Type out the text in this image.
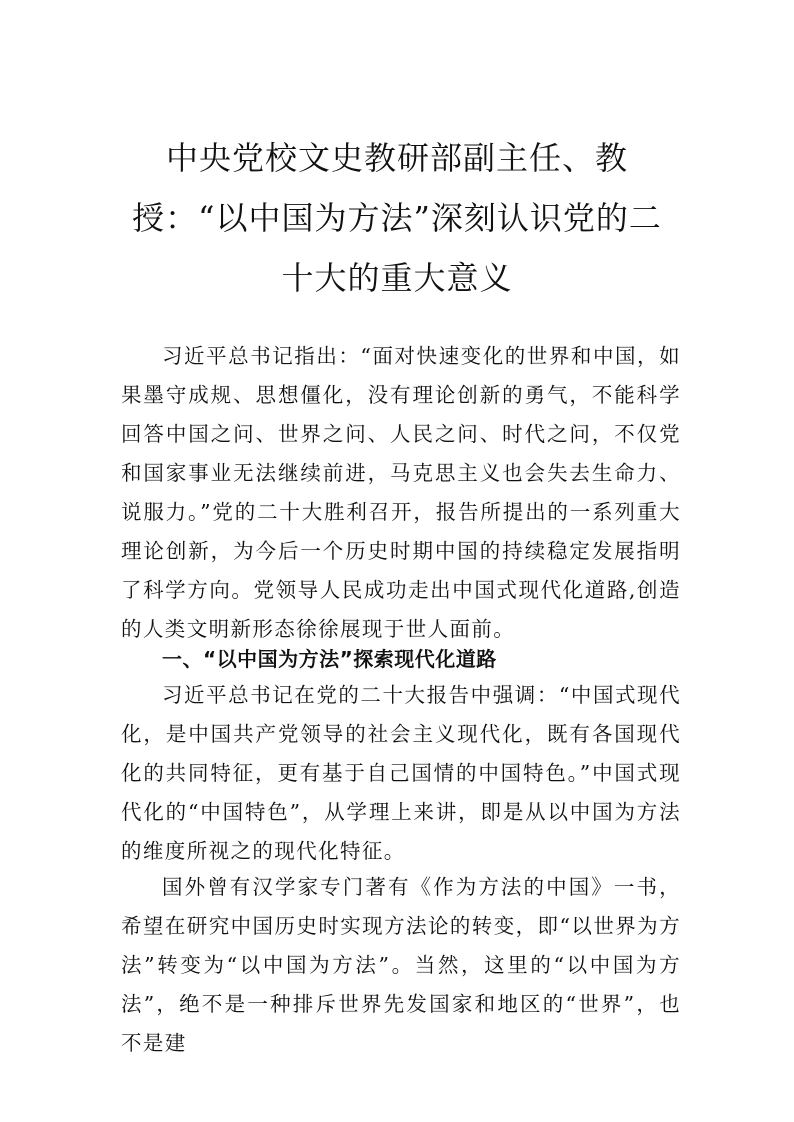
中央党校文史教研部副主任、教授：“以中国为方法”深刻认识党的二十大的重大意义

习近平总书记指出：“面对快速变化的世界和中国，如果墨守成规、思想僵化，没有理论创新的勇气，不能科学回答中国之问、世界之问、人民之问、时代之问，不仅党和国家事业无法继续前进，马克思主义也会失去生命力、说服力。”党的二十大胜利召开，报告所提出的一系列重大理论创新，为今后一个历史时期中国的持续稳定发展指明了科学方向。党领导人民成功走出中国式现代化道路,创造的人类文明新形态徐徐展现于世人面前。

一、“以中国为方法”探索现代化道路

习近平总书记在党的二十大报告中强调：“中国式现代化，是中国共产党领导的社会主义现代化，既有各国现代化的共同特征，更有基于自己国情的中国特色。”中国式现代化的“中国特色”，从学理上来讲，即是从以中国为方法的维度所视之的现代化特征。

国外曾有汉学家专门著有《作为方法的中国》一书，希望在研究中国历史时实现方法论的转变，即“以世界为方法”转变为“以中国为方法”。当然，这里的“以中国为方法”，绝不是一种排斥世界先发国家和地区的“世界”，也不是建
